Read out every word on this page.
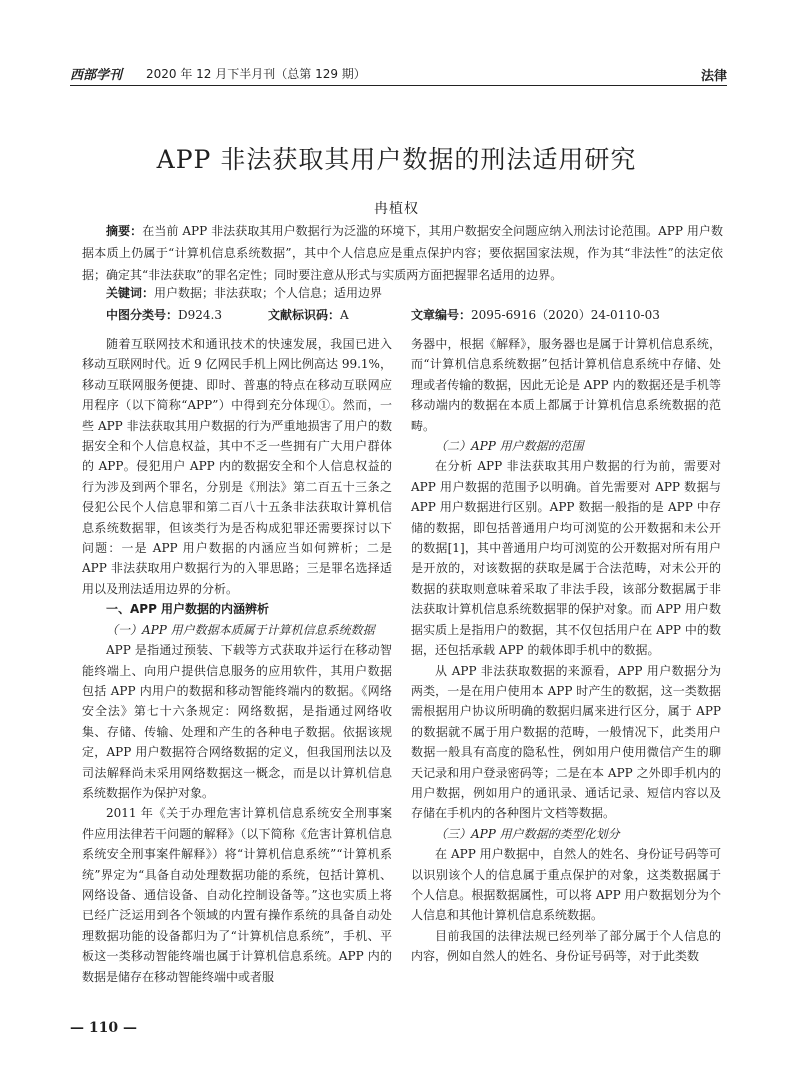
西部学刊 2020 年 12 月下半月刊（总第 129 期）	法律
APP 非法获取其用户数据的刑法适用研究
冉植权
摘要：在当前 APP 非法获取其用户数据行为泛滥的环境下，其用户数据安全问题应纳入刑法讨论范围。APP 用户数据本质上仍属于“计算机信息系统数据”，其中个人信息应是重点保护内容；要依据国家法规，作为其“非法性”的法定依据；确定其“非法获取”的罪名定性；同时要注意从形式与实质两方面把握罪名适用的边界。
关键词：用户数据；非法获取；个人信息；适用边界
中图分类号：D924.3	文献标识码：A	文章编号：2095-6916（2020）24-0110-03

随着互联网技术和通讯技术的快速发展，我国已进入移动互联网时代。近 9 亿网民手机上网比例高达 99.1%，移动互联网服务便捷、即时、普惠的特点在移动互联网应用程序（以下简称“APP”）中得到充分体现①。然而，一些 APP 非法获取其用户数据的行为严重地损害了用户的数据安全和个人信息权益，其中不乏一些拥有广大用户群体的 APP。侵犯用户 APP 内的数据安全和个人信息权益的行为涉及到两个罪名，分别是《刑法》第二百五十三条之侵犯公民个人信息罪和第二百八十五条非法获取计算机信息系统数据罪，但该类行为是否构成犯罪还需要探讨以下问题：一是 APP 用户数据的内涵应当如何辨析；二是 APP 非法获取用户数据行为的入罪思路；三是罪名选择适用以及刑法适用边界的分析。

一、APP 用户数据的内涵辨析
（一）APP 用户数据本质属于计算机信息系统数据

APP 是指通过预装、下载等方式获取并运行在移动智能终端上、向用户提供信息服务的应用软件，其用户数据包括 APP 内用户的数据和移动智能终端内的数据。《网络安全法》第七十六条规定：网络数据，是指通过网络收集、存储、传输、处理和产生的各种电子数据。依据该规定，APP 用户数据符合网络数据的定义，但我国刑法以及司法解释尚未采用网络数据这一概念，而是以计算机信息系统数据作为保护对象。

2011 年《关于办理危害计算机信息系统安全刑事案件应用法律若干问题的解释》（以下简称《危害计算机信息系统安全刑事案件解释》）将“计算机信息系统”“计算机系统”界定为“具备自动处理数据功能的系统，包括计算机、网络设备、通信设备、自动化控制设备等。”这也实质上将已经广泛运用到各个领域的内置有操作系统的具备自动处理数据功能的设备都归为了“计算机信息系统”，手机、平板这一类移动智能终端也属于计算机信息系统。APP 内的数据是储存在移动智能终端中或者服

务器中，根据《解释》，服务器也是属于计算机信息系统，而“计算机信息系统数据”包括计算机信息系统中存储、处理或者传输的数据，因此无论是 APP 内的数据还是手机等移动端内的数据在本质上都属于计算机信息系统数据的范畴。

（二）APP 用户数据的范围

在分析 APP 非法获取其用户数据的行为前，需要对 APP 用户数据的范围予以明确。首先需要对 APP 数据与 APP 用户数据进行区别。APP 数据一般指的是 APP 中存储的数据，即包括普通用户均可浏览的公开数据和未公开的数据[1]，其中普通用户均可浏览的公开数据对所有用户是开放的，对该数据的获取是属于合法范畴，对未公开的数据的获取则意味着采取了非法手段，该部分数据属于非法获取计算机信息系统数据罪的保护对象。而 APP 用户数据实质上是指用户的数据，其不仅包括用户在 APP 中的数据，还包括承载 APP 的载体即手机中的数据。

从 APP 非法获取数据的来源看，APP 用户数据分为两类，一是在用户使用本 APP 时产生的数据，这一类数据需根据用户协议所明确的数据归属来进行区分，属于 APP 的数据就不属于用户数据的范畴，一般情况下，此类用户数据一般具有高度的隐私性，例如用户使用微信产生的聊天记录和用户登录密码等；二是在本 APP 之外即手机内的用户数据，例如用户的通讯录、通话记录、短信内容以及存储在手机内的各种图片文档等数据。

（三）APP 用户数据的类型化划分

在 APP 用户数据中，自然人的姓名、身份证号码等可以识别该个人的信息属于重点保护的对象，这类数据属于个人信息。根据数据属性，可以将 APP 用户数据划分为个人信息和其他计算机信息系统数据。

目前我国的法律法规已经列举了部分属于个人信息的内容，例如自然人的姓名、身份证号码等，对于此类数

— 110 —
